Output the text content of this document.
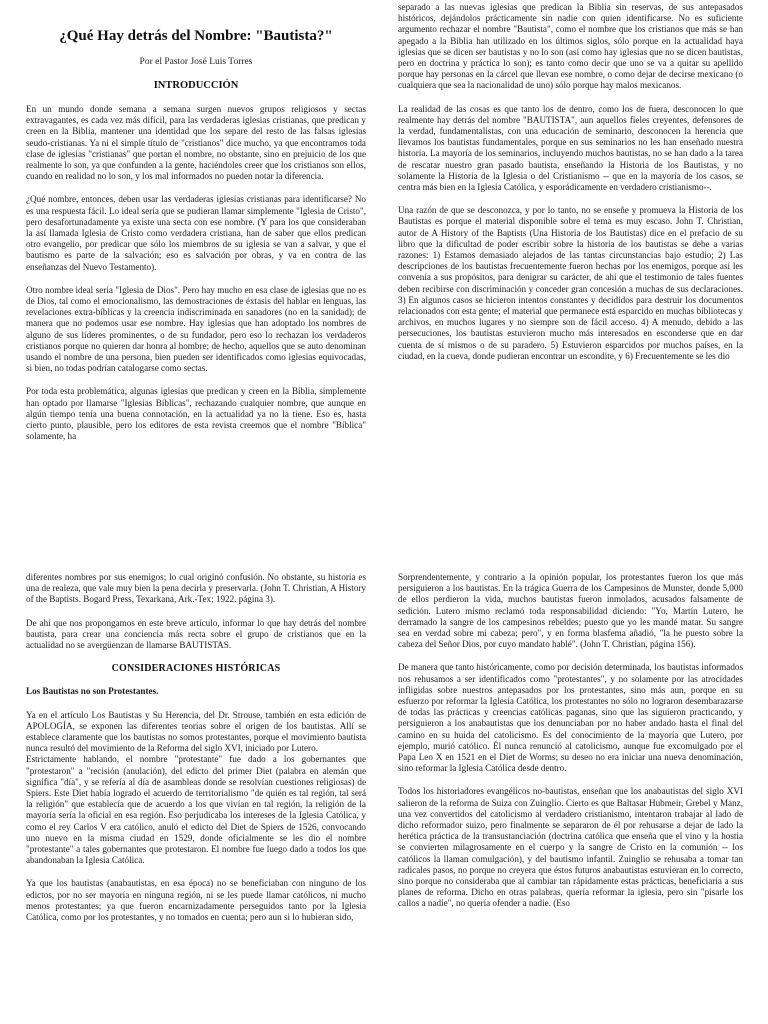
¿Qué Hay detrás del Nombre: "Bautista?"

Por el Pastor José Luis Torres

INTRODUCCIÓN

En un mundo donde semana a semana surgen nuevos grupos religiosos y sectas extravagantes, es cada vez más difícil, para las verdaderas iglesias cristianas, que predican y creen en la Biblia, mantener una identidad que los separe del resto de las falsas iglesias seudo-cristianas. Ya ni el simple título de "cristianos" dice mucho, ya que encontramos toda clase de iglesias "cristianas" que portan el nombre, no obstante, sino en prejuicio de los que realmente lo son, ya que confunden a la gente, haciéndoles creer que los cristianos son ellos, cuando en realidad no lo son, y los mal informados no pueden notar la diferencia.

¿Qué nombre, entonces, deben usar las verdaderas iglesias cristianas para identificarse? No es una respuesta fácil. Lo ideal sería que se pudieran llamar simplemente "Iglesia de Cristo", pero desafortunadamente ya existe una secta con ese nombre. (Y para los que consideraban la así llamada Iglesia de Cristo como verdadera cristiana, han de saber que ellos predican otro evangelio, por predicar que sólo los miembros de su iglesia se van a salvar, y que el bautismo es parte de la salvación; eso es salvación por obras, y va en contra de las enseñanzas del Nuevo Testamento).

Otro nombre ideal sería "Iglesia de Dios". Pero hay mucho en esa clase de iglesias que no es de Dios, tal como el emocionalismo, las demostraciones de éxtasis del hablar en lenguas, las revelaciones extra-bíblicas y la creencia indiscriminada en sanadores (no en la sanidad); de manera que no podemos usar ese nombre. Hay iglesias que han adoptado los nombres de alguno de sus líderes prominentes, o de su fundador, pero eso lo rechazan los verdaderos cristianos porque no quieren dar honra al hombre; de hecho, aquellos que se auto denominan usando el nombre de una persona, bien pueden ser identificados como iglesias equivocadas, si bien, no todas podrían catalogarse como sectas.

Por toda esta problemática, algunas iglesias que predican y creen en la Biblia, simplemente han optado por llamarse "Iglesias Bíblicas", rechazando cualquier nombre, que aunque en algún tiempo tenía una buena connotación, en la actualidad ya no la tiene. Eso es, hasta cierto punto, plausible, pero los editores de esta revista creemos que el nombre "Bíblica" solamente, ha

separado a las nuevas iglesias que predican la Biblia sin reservas, de sus antepasados históricos, dejándolos prácticamente sin nadie con quien identificarse. No es suficiente argumento rechazar el nombre "Bautista", como el nombre que los cristianos que más se han apegado a la Biblia han utilizado en los últimos siglos, sólo porque en la actualidad haya iglesias que se dicen ser bautistas y no lo son (así como hay iglesias que no se dicen bautistas, pero en doctrina y práctica lo son); es tanto como decir que uno se va a quitar su apellido porque hay personas en la cárcel que llevan ese nombre, o como dejar de decirse mexicano (o cualquiera que sea la nacionalidad de uno) sólo porque hay malos mexicanos.

La realidad de las cosas es que tanto los de dentro, como los de fuera, desconocen lo que realmente hay detrás del nombre "BAUTISTA", aun aquellos fieles creyentes, defensores de la verdad, fundamentalistas, con una educación de seminario, desconocen la herencia que llevamos los bautistas fundamentales, porque en sus seminarios no les han enseñado nuestra historia. La mayoría de los seminarios, incluyendo muchos bautistas, no se han dado a la tarea de rescatar nuestro gran pasado bautista, enseñando la Historia de los Bautistas, y no solamente la Historia de la Iglesia o del Cristianismo -- que en la mayoría de los casos, se centra más bien en la Iglesia Católica, y esporádicamente en verdadero cristianismo--.

Una razón de que se desconozca, y por lo tanto, no se enseñe y promueva la Historia de los Bautistas es porque el material disponible sobre el tema es muy escaso. John T. Christian, autor de A History of the Baptists (Una Historia de los Bautistas) dice en el prefacio de su libro que la dificultad de poder escribir sobre la historia de los bautistas se debe a varias razones: 1) Estamos demasiado alejados de las tantas circunstancias bajo estudio; 2) Las descripciones de los bautistas frecuentemente fueron hechas por los enemigos, porque así les convenía a sus propósitos, para denigrar su carácter, de ahí que el testimonio de tales fuentes deben recibirse con discriminación y conceder gran concesión a muchas de sus declaraciones. 3) En algunos casos se hicieron intentos constantes y decididos para destruir los documentos relacionados con esta gente; el material que permanece está esparcido en muchas bibliotecas y archivos, en muchos lugares y no siempre son de fácil acceso. 4) A menudo, debido a las persecuciones, los bautistas estuvieron mucho más interesados en esconderse que en dar cuenta de sí mismos o de su paradero. 5) Estuvieron esparcidos por muchos países, en la ciudad, en la cueva, donde pudieran encontrar un escondite, y 6) Frecuentemente se les dio

diferentes nombres por sus enemigos; lo cual originó confusión. No obstante, su historia es una de realeza, que vale muy bien la pena decirla y preservarla. (John T. Christian, A History of the Baptists. Bogard Press, Texarkana, Ark.-Tex; 1922. página 3).

De ahí que nos propongamos en este breve artículo, informar lo que hay detrás del nombre bautista, para crear una conciencia más recta sobre el grupo de cristianos que en la actualidad no se avergüenzan de llamarse BAUTISTAS.

CONSIDERACIONES HISTÓRICAS

Los Bautistas no son Protestantes.

Ya en el artículo Los Bautistas y Su Herencia, del Dr. Strouse, también en esta edición de APOLOGÍA, se exponen las diferentes teorías sobre el origen de los bautistas. Allí se establece claramente que los bautistas no somos protestantes, porque el movimiento bautista nunca resultó del movimiento de la Reforma del siglo XVI, iniciado por Lutero.

Estrictamente hablando, el nombre "protestante" fue dado a los gobernantes que "protestaron" a "recisión (anulación), del edicto del primer Diet (palabra en alemán que significa "día", y se refería al día de asambleas donde se resolvían cuestiones religiosas) de Spiers. Este Diet había logrado el acuerdo de territorialismo "de quién es tal región, tal será la religión" que establecía que de acuerdo a los que vivían en tal región, la religión de la mayoría sería la oficial en esa región. Eso perjudicaba los intereses de la Iglesia Católica, y como el rey Carlos V era católico, anuló el edicto del Diet de Spiers de 1526, convocando uno nuevo en la misma ciudad en 1529, donde oficialmente se les dio el nombre "protestante" a tales gobernantes que protestaron. El nombre fue luego dado a todos los que abandonaban la Iglesia Católica.

Ya que los bautistas (anabautistas, en esa época) no se beneficiaban con ninguno de los edictos, por no ser mayoría en ninguna región, ni se les puede llamar católicos, ni mucho menos protestantes; ya que fueron encarnizadamente perseguidos tanto por la Iglesia Católica, como por los protestantes, y no tomados en cuenta; pero aun si lo hubieran sido,

Sorprendentemente, y contrario a la opinión popular, los protestantes fueron los que más persiguieron a los bautistas. En la trágica Guerra de los Campesinos de Munster, donde 5,000 de ellos perdieron la vida, muchos bautistas fueron inmolados, acusados falsamente de sedición. Lutero mismo reclamó toda responsabilidad diciendo: "Yo, Martín Lutero, he derramado la sangre de los campesinos rebeldes; puesto que yo les mandé matar. Su sangre sea en verdad sobre mi cabeza; pero", y en forma blasfema añadió, "la he puesto sobre la cabeza del Señor Dios, por cuyo mandato hablé". (John T. Christian, página 156).

De manera que tanto históricamente, como por decisión determinada, los bautistas informados nos rehusamos a ser identificados como "protestantes", y no solamente por las atrocidades infligidas sobre nuestros antepasados por los protestantes, sino más aun, porque en su esfuerzo por reformar la Iglesia Católica, los protestantes no sólo no lograron desembarazarse de todas las prácticas y creencias católicas paganas, sino que las siguieron practicando, y persiguieron a los anabautistas que los denunciaban por no haber andado hasta el final del camino en su huida del catolicismo. Es del conocimiento de la mayoría que Lutero, por ejemplo, murió católico. Él nunca renunció al catolicismo, aunque fue excomulgado por el Papa Leo X en 1521 en el Diet de Worms; su deseo no era iniciar una nueva denominación, sino reformar la Iglesia Católica desde dentro.

Todos los historiadores evangélicos no-bautistas, enseñan que los anabautistas del siglo XVI salieron de la reforma de Suiza con Zuinglio. Cierto es que Baltasar Hubmeir, Grebel y Manz, una vez convertidos del catolicismo al verdadero cristianismo, intentaron trabajar al lado de dicho reformador suizo, pero finalmente se separaron de él por rehusarse a dejar de lado la herética práctica de la transustanciación (doctrina católica que enseña que el vino y la hostia se convierten milagrosamente en el cuerpo y la sangre de Cristo en la comunión -- los católicos la llaman comulgación), y del bautismo infantil. Zuinglio se rehusaba a tomar tan radicales pasos, no porque no creyera que éstos futuros anabautistas estuvieran en lo correcto, sino porque no consideraba que al cambiar tan rápidamente estas prácticas, beneficiaría a sus planes de reforma. Dicho en otras palabras, quería reformar la iglesia, pero sin "pisarle los callos a nadie", no quería ofender a nadie. (Eso
